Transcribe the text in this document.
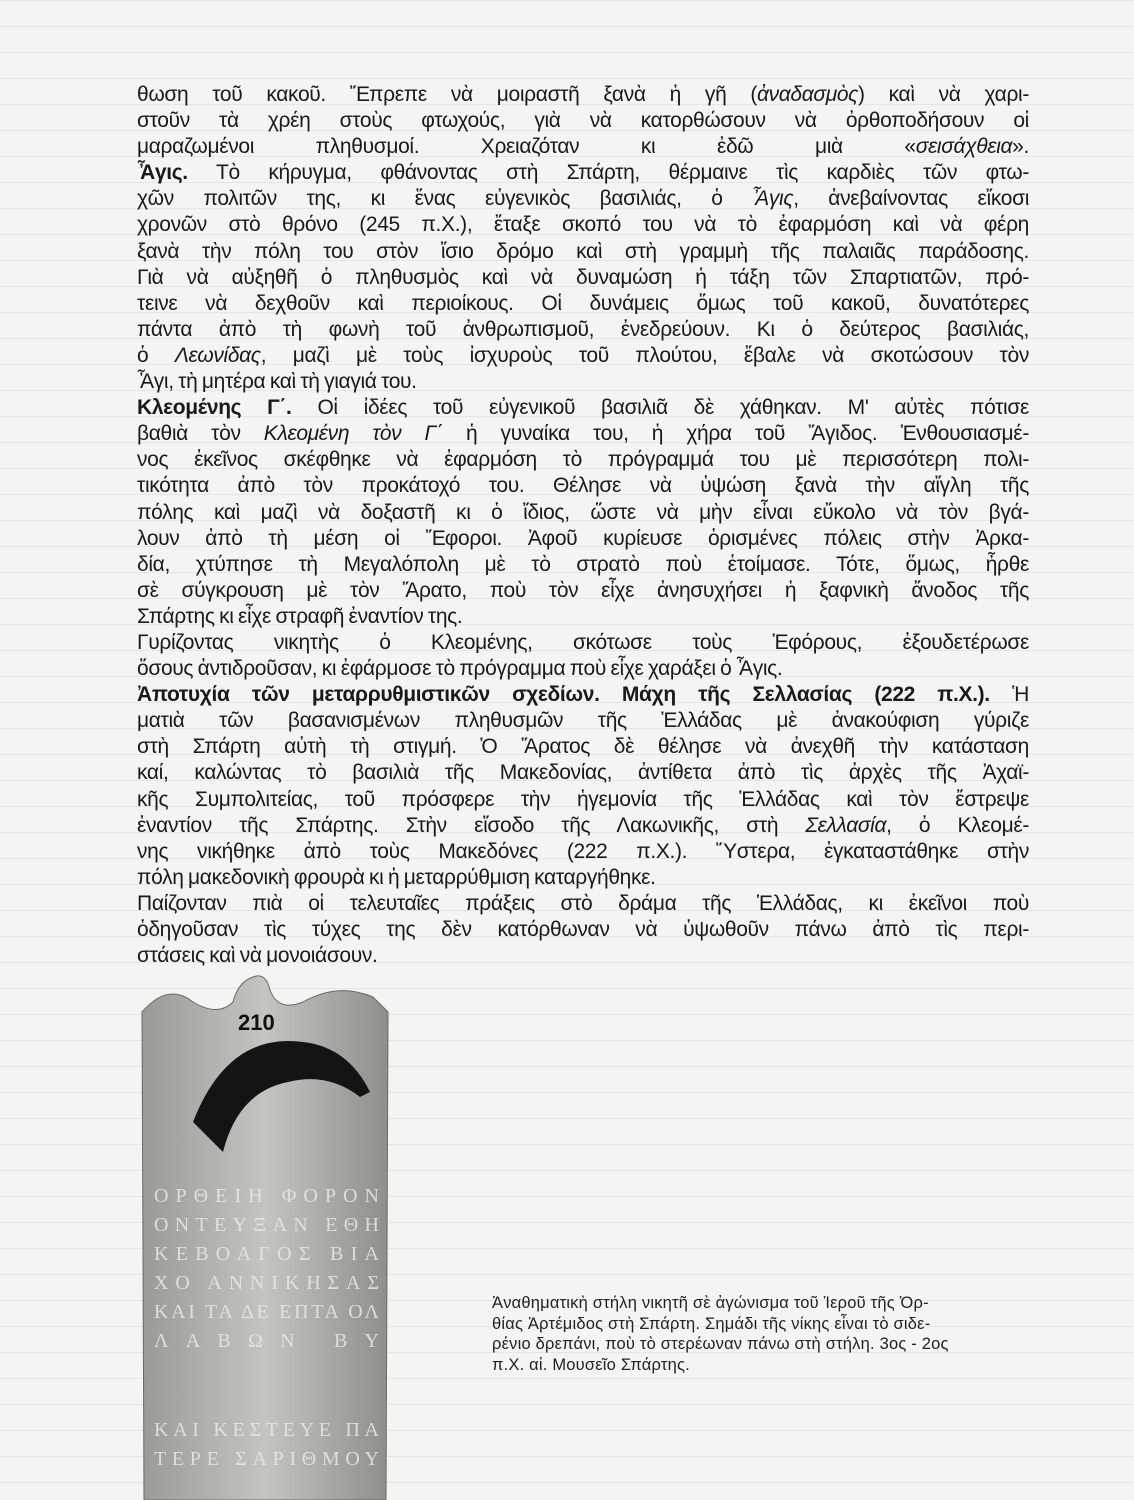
θωση τοῦ κακοῦ. Ἔπρεπε νὰ μοιραστῆ ξανὰ ἡ γῆ (ἀναδασμὸς) καὶ νὰ χαρι-
στοῦν τὰ χρέη στοὺς φτωχούς, γιὰ νὰ κατορθώσουν νὰ ὀρθοποδήσουν οἱ
μαραζωμένοι πληθυσμοί. Χρειαζόταν κι ἐδῶ μιὰ «σεισάχθεια».
Ἆγις. Τὸ κήρυγμα, φθάνοντας στὴ Σπάρτη, θέρμαινε τὶς καρδιὲς τῶν φτω-
χῶν πολιτῶν της, κι ἕνας εὐγενικὸς βασιλιάς, ὁ Ἆγις, ἀνεβαίνοντας εἴκοσι
χρονῶν στὸ θρόνο (245 π.Χ.), ἔταξε σκοπό του νὰ τὸ ἐφαρμόση καὶ νὰ φέρη
ξανὰ τὴν πόλη του στὸν ἴσιο δρόμο καὶ στὴ γραμμὴ τῆς παλαιᾶς παράδοσης.
Γιὰ νὰ αὐξηθῆ ὁ πληθυσμὸς καὶ νὰ δυναμώση ἡ τάξη τῶν Σπαρτιατῶν, πρό-
τεινε νὰ δεχθοῦν καὶ περιοίκους. Οἱ δυνάμεις ὅμως τοῦ κακοῦ, δυνατότερες
πάντα ἀπὸ τὴ φωνὴ τοῦ ἀνθρωπισμοῦ, ἐνεδρεύουν. Κι ὁ δεύτερος βασιλιάς,
ὁ Λεωνίδας, μαζὶ μὲ τοὺς ἰσχυροὺς τοῦ πλούτου, ἔβαλε νὰ σκοτώσουν τὸν
Ἆγι, τὴ μητέρα καὶ τὴ γιαγιά του.
Κλεομένης Γ΄. Οἱ ἰδέες τοῦ εὐγενικοῦ βασιλιᾶ δὲ χάθηκαν. Μ' αὐτὲς πότισε
βαθιὰ τὸν Κλεομένη τὸν Γ΄ ἡ γυναίκα του, ἡ χήρα τοῦ Ἄγιδος. Ἐνθουσιασμέ-
νος ἐκεῖνος σκέφθηκε νὰ ἐφαρμόση τὸ πρόγραμμά του μὲ περισσότερη πολι-
τικότητα ἀπὸ τὸν προκάτοχό του. Θέλησε νὰ ὑψώση ξανὰ τὴν αἴγλη τῆς
πόλης καὶ μαζὶ νὰ δοξαστῆ κι ὁ ἴδιος, ὥστε νὰ μὴν εἶναι εὔκολο νὰ τὸν βγά-
λουν ἀπὸ τὴ μέση οἱ Ἔφοροι. Ἀφοῦ κυρίευσε ὁρισμένες πόλεις στὴν Ἀρκα-
δία, χτύπησε τὴ Μεγαλόπολη μὲ τὸ στρατὸ ποὺ ἑτοίμασε. Τότε, ὅμως, ἦρθε
σὲ σύγκρουση μὲ τὸν Ἄρατο, ποὺ τὸν εἶχε ἀνησυχήσει ἡ ξαφνικὴ ἄνοδος τῆς
Σπάρτης κι εἶχε στραφῆ ἐναντίον της.
Γυρίζοντας νικητὴς ὁ Κλεομένης, σκότωσε τοὺς Ἐφόρους, ἐξουδετέρωσε
ὅσους ἀντιδροῦσαν, κι ἐφάρμοσε τὸ πρόγραμμα ποὺ εἶχε χαράξει ὁ Ἆγις.
Ἀποτυχία τῶν μεταρρυθμιστικῶν σχεδίων. Μάχη τῆς Σελλασίας (222 π.Χ.). Ἡ
ματιὰ τῶν βασανισμένων πληθυσμῶν τῆς Ἑλλάδας μὲ ἀνακούφιση γύριζε
στὴ Σπάρτη αὐτὴ τὴ στιγμή. Ὁ Ἄρατος δὲ θέλησε νὰ ἀνεχθῆ τὴν κατάσταση
καί, καλώντας τὸ βασιλιὰ τῆς Μακεδονίας, ἀντίθετα ἀπὸ τὶς ἀρχὲς τῆς Ἀχαϊ-
κῆς Συμπολιτείας, τοῦ πρόσφερε τὴν ἡγεμονία τῆς Ἑλλάδας καὶ τὸν ἔστρεψε
ἐναντίον τῆς Σπάρτης. Στὴν εἴσοδο τῆς Λακωνικῆς, στὴ Σελλασία, ὁ Κλεομέ-
νης νικήθηκε ἀπὸ τοὺς Μακεδόνες (222 π.Χ.). Ὕστερα, ἐγκαταστάθηκε στὴν
πόλη μακεδονικὴ φρουρὰ κι ἡ μεταρρύθμιση καταργήθηκε.
Παίζονταν πιὰ οἱ τελευταῖες πράξεις στὸ δράμα τῆς Ἑλλάδας, κι ἐκεῖνοι ποὺ
ὁδηγοῦσαν τὶς τύχες της δὲν κατόρθωναν νὰ ὑψωθοῦν πάνω ἀπὸ τὶς περι-
στάσεις καὶ νὰ μονοιάσουν.
210
ΟΡΘΕΙΗ ΦΟΡΟΝ
ΟΝΤΕΥΞΑΝ ΕΘΗ
ΚΕΒΟΑΓΟΣ ΒΙΑ
ΧΟ ΑΝΝΙΚΗΣΑΣ
ΚΑΙ ΤΑ ΔΕ ΕΠΤΑ ΟΛ
ΛΑΒΩΝ ΒΥ
ΚΑΙ ΚΕΣΤΕΥΕ ΠΑ
ΤΕΡΕ ΣΑΡΙΘΜΟΥ
Ἀναθηματικὴ στήλη νικητῆ σὲ ἀγώνισμα τοῦ Ἱεροῦ τῆς Ὀρ-
θίας Ἀρτέμιδος στὴ Σπάρτη. Σημάδι τῆς νίκης εἶναι τὸ σιδε-
ρένιο δρεπάνι, ποὺ τὸ στερέωναν πάνω στὴ στήλη. 3ος - 2ος
π.Χ. αἰ. Μουσεῖο Σπάρτης.
